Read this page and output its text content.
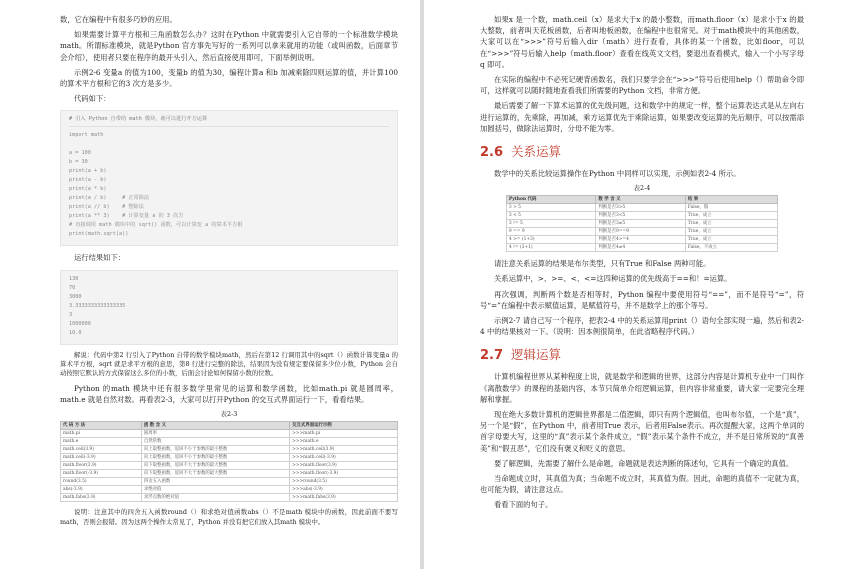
数，它在编程中有很多巧妙的应用。

如果需要计算平方根和三角函数怎么办？这时在Python 中就需要引入它自带的一个标准数学模块math。所谓标准模块，就是Python 官方事先写好的一系列可以拿来就用的功能（或叫函数，后面章节会介绍），使用者只要在程序的最开头引入，然后直接使用即可，下面举例说明。

示例2-6 变量a 的值为100，变量b 的值为30，编程计算a 和b 加减乘除四则运算的值，并计算100 的算术平方根和它的3 次方是多少。

代码如下：

# 引入 Python 自带的 math 模块，就可以进行开方运算
import math
a = 100
b = 30
print(a + b)
print(a - b)
print(a * b)
print(a / b)     # 正常除法
print(a // b)    # 整除法
print(a ** 3)    # 计算变量 a 的 3 次方
# 直接调用 math 模块中的 sqrt() 函数，可以计算变 a 的算术平方根
print(math.sqrt(a))

运行结果如下：

130
70
3000
3.3333333333333335
3
1000000
10.0

解说：代码中第2 行引入了Python 自带的数学模块math，然后在第12 行调用其中的sqrt（）函数计算变量a 的算术平方根，sqrt 就是求平方根的意思，第8 行进行完整的除法，结果因为没有规定要保留多少位小数，Python 会自动按照它默认的方式保留这么多位的小数，后面会讨论如何保留小数的位数。

Python 的math 模块中还有很多数学里常见的运算和数学函数，比如math.pi 就是圆周率，math.e 就是自然对数。再看表2-3，大家可以打开Python 的交互式界面运行一下，看看结果。

表2-3
代 码 方 法	函 数 含 义	交互式界面运行示例
math.pi	圆周率	>>>math.pi
math.e	自然常数	>>>math.e
math.ceil(3.9)	向上取整函数，返回不小于参数的最小整数	>>>math.ceil(3.9)
math.ceil(-3.9)	向上取整函数，返回不小于参数的最小整数	>>>math.ceil(-3.9)
math.floor(3.9)	向下取整函数，返回不大于参数的最大整数	>>>math.floor(3.9)
math.floor(-3.9)	向下取整函数，返回不大于参数的最大整数	>>>math.floor(-3.9)
round(3.5)	四舍五入函数	>>>round(3.5)
abs(-3.9)	求绝对值	>>>abs(-3.9)
math.fabs(3.9)	求浮点数的绝对值	>>>math.fabs(3.9)

说明：注意其中的四舍五入函数round（）和求绝对值函数abs（）不是math 模块中的函数，因此前面不要写math，否则会报错。因为这两个操作太常见了，Python 并没有把它们放入其math 模块中。

如果x 是一个数，math.ceil（x）是求大于x 的最小整数，而math.floor（x）是求小于x 的最大整数，前者叫天花板函数，后者叫地板函数，在编程中也很常见。对于math模块中的其他函数，大家可以在“>>>”符号后输入dir（math）进行查看，具体的某一个函数，比如floor，可以在“>>>”符号后输入help（math.floor）查看在线英文文档，要退出查看模式，输入一个小写字母q 即可。

在实际的编程中不必死记硬背函数名，我们只要学会在“>>>”符号后使用help（）帮助命令即可，这样就可以随时随地查看我们所需要的Python 文档，非常方便。

最后需要了解一下算术运算的优先级问题，这和数学中的规定一样，整个运算表达式是从左向右进行运算的，先乘除，再加减，乘方运算优先于乘除运算，如果要改变运算的先后顺序，可以按需添加圆括号，做除法运算时，分母不能为零。

2.6 关系运算

数学中的关系比较运算操作在Python 中同样可以实现，示例如表2-4 所示。

表2-4
Python 代码	数 学 含 义	结 果
3 > 5	判断是否3>5	False，假
3 < 5	判断是否3<5	True，成立
3 != 5	判断是否3≠5	True，成立
9 == 9	判断是否9==9	True，成立
4 >= (1+3)	判断是否4>=4	True，成立
4 != (3+1)	判断是否4≠4	False，不成立

请注意关系运算的结果是布尔类型，只有True 和False 两种可能。

关系运算中，>、>=、<、<=这四种运算的优先级高于==和！=运算。

再次强调，判断两个数是否相等时，Python 编程中要使用符号“==”，而不是符号“=”，符号“=”在编程中表示赋值运算，是赋值符号，并不是数学上的那个等号。

示例2-7 请自己写一个程序，把表2-4 中的关系运算用print（）语句全部实现一遍，然后和表2-4 中的结果核对一下。（说明：因本例很简单，在此省略程序代码。）

2.7 逻辑运算

计算机编程世界从某种程度上说，就是数学和逻辑的世界，这部分内容是计算机专业中一门叫作《离散数学》的课程的基础内容，本节只简单介绍逻辑运算，但内容非常重要，请大家一定要完全理解和掌握。

现在绝大多数计算机的逻辑世界都是二值逻辑，即只有两个逻辑值，也叫布尔值，一个是“真”，另一个是“假”，在Python 中，前者用True 表示，后者用False表示。再次提醒大家，这两个单词的首字母要大写，这里的“真”表示某个条件成立，“假”表示某个条件不成立，并不是日常所说的“真善美”和“假丑恶”，它们没有褒义和贬义的意思。

要了解逻辑，先需要了解什么是命题，命题就是表达判断的陈述句，它具有一个确定的真值。

当命题成立时，其真值为真；当命题不成立时，其真值为假。因此，命题的真值不一定就为真，也可能为假，请注意这点。

看看下面的句子。
